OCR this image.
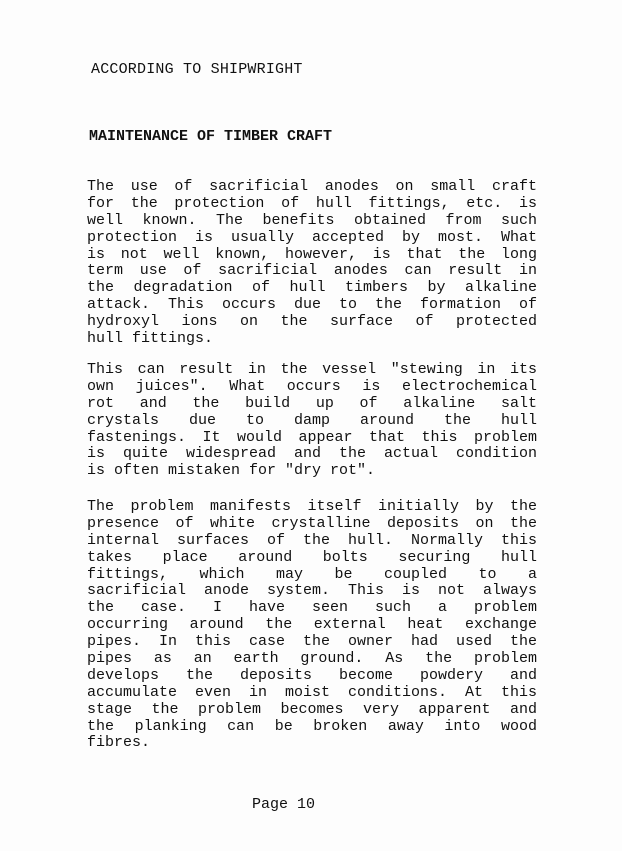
ACCORDING TO SHIPWRIGHT
MAINTENANCE OF TIMBER CRAFT
The use of sacrificial anodes on small craft
for the protection of hull fittings, etc. is
well known. The benefits obtained from such
protection is usually accepted by most. What
is not well known, however, is that the long
term use of sacrificial anodes can result in
the degradation of hull timbers by alkaline
attack. This occurs due to the formation of
hydroxyl ions on the surface of protected
hull fittings.
This can result in the vessel "stewing in its
own juices". What occurs is electrochemical
rot and the build up of alkaline salt
crystals due to damp around the hull
fastenings. It would appear that this problem
is quite widespread and the actual condition
is often mistaken for "dry rot".
The problem manifests itself initially by the
presence of white crystalline deposits on the
internal surfaces of the hull. Normally this
takes place around bolts securing hull
fittings, which may be coupled to a
sacrificial anode system. This is not always
the case. I have seen such a problem
occurring around the external heat exchange
pipes. In this case the owner had used the
pipes as an earth ground. As the problem
develops the deposits become powdery and
accumulate even in moist conditions. At this
stage the problem becomes very apparent and
the planking can be broken away into wood
fibres.
Page 10
